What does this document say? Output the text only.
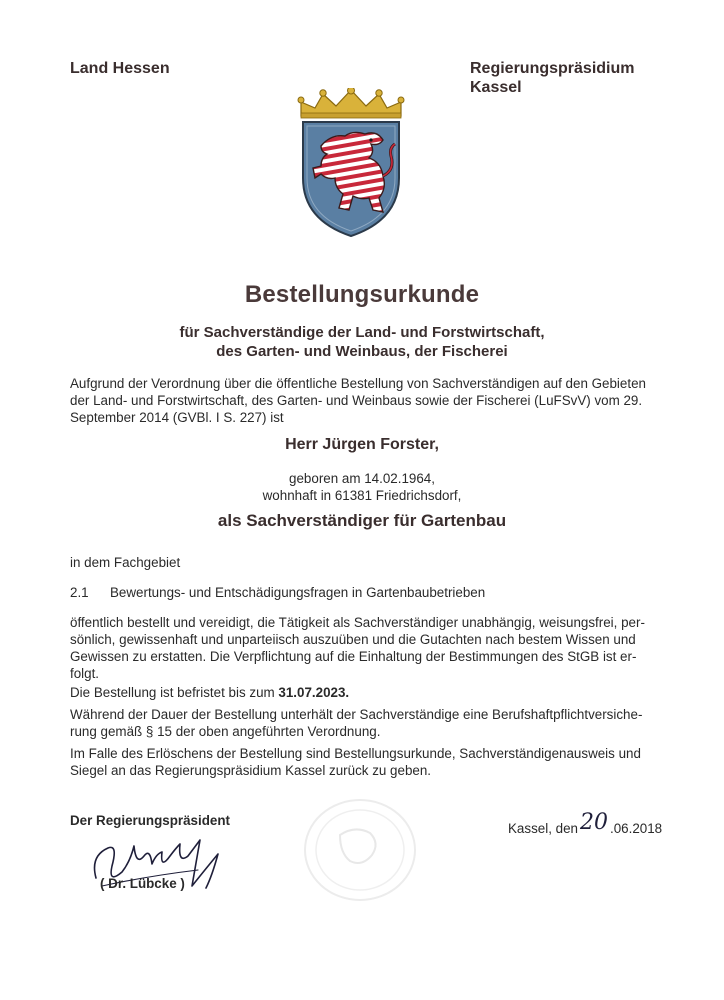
Land Hessen	Regierungspräsidium
Kassel
Bestellungsurkunde
für Sachverständige der Land- und Forstwirtschaft,
des Garten- und Weinbaus, der Fischerei
Aufgrund der Verordnung über die öffentliche Bestellung von Sachverständigen auf den Gebieten
der Land- und Forstwirtschaft, des Garten- und Weinbaus sowie der Fischerei (LuFSvV) vom 29.
September 2014 (GVBl. I S. 227) ist
Herr Jürgen Forster,
geboren am 14.02.1964,
wohnhaft in 61381 Friedrichsdorf,
als Sachverständiger für Gartenbau
in dem Fachgebiet
2.1 Bewertungs- und Entschädigungsfragen in Gartenbaubetrieben
öffentlich bestellt und vereidigt, die Tätigkeit als Sachverständiger unabhängig, weisungsfrei, per-
sönlich, gewissenhaft und unparteiisch auszuüben und die Gutachten nach bestem Wissen und
Gewissen zu erstatten. Die Verpflichtung auf die Einhaltung der Bestimmungen des StGB ist er-
folgt.
Die Bestellung ist befristet bis zum 31.07.2023.
Während der Dauer der Bestellung unterhält der Sachverständige eine Berufshaftpflichtversiche-
rung gemäß § 15 der oben angeführten Verordnung.
Im Falle des Erlöschens der Bestellung sind Bestellungsurkunde, Sachverständigenausweis und
Siegel an das Regierungspräsidium Kassel zurück zu geben.
Der Regierungspräsident
( Dr. Lübcke )
Kassel, den20 .06.2018
